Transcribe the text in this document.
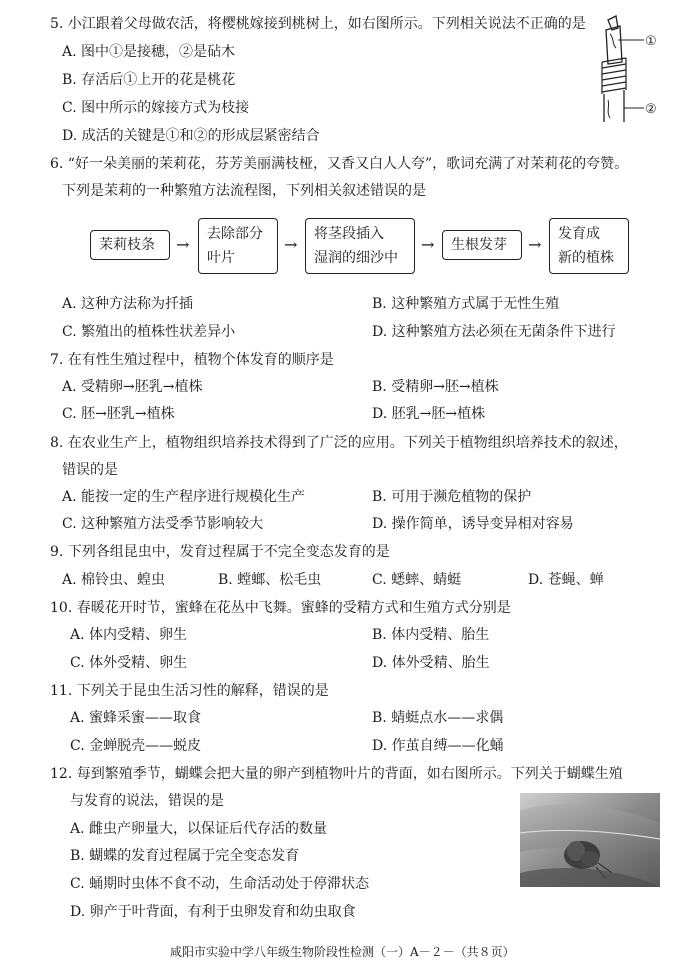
5. 小江跟着父母做农活，将樱桃嫁接到桃树上，如右图所示。下列相关说法不正确的是
A. 图中①是接穗，②是砧木
B. 存活后①上开的花是桃花
C. 图中所示的嫁接方式为枝接
D. 成活的关键是①和②的形成层紧密结合
①
②
6. “好一朵美丽的茉莉花，芬芳美丽满枝桠，又香又白人人夸”，歌词充满了对茉莉花的夸赞。
下列是茉莉的一种繁殖方法流程图，下列相关叙述错误的是
茉莉枝条	→
去除部分
叶片
→
将茎段插入
湿润的细沙中
→	生根发芽	→
发育成
新的植株
A. 这种方法称为扦插	B. 这种繁殖方式属于无性生殖
C. 繁殖出的植株性状差异小	D. 这种繁殖方法必须在无菌条件下进行
7. 在有性生殖过程中，植物个体发育的顺序是
A. 受精卵→胚乳→植株	B. 受精卵→胚→植株
C. 胚→胚乳→植株	D. 胚乳→胚→植株
8. 在农业生产上，植物组织培养技术得到了广泛的应用。下列关于植物组织培养技术的叙述，
错误的是
A. 能按一定的生产程序进行规模化生产	B. 可用于濒危植物的保护
C. 这种繁殖方法受季节影响较大	D. 操作简单，诱导变异相对容易
9. 下列各组昆虫中，发育过程属于不完全变态发育的是
A. 棉铃虫、蝗虫	B. 螳螂、松毛虫	C. 蟋蟀、蜻蜓	D. 苍蝇、蝉
10. 春暖花开时节，蜜蜂在花丛中飞舞。蜜蜂的受精方式和生殖方式分别是
A. 体内受精、卵生	B. 体内受精、胎生
C. 体外受精、卵生	D. 体外受精、胎生
11. 下列关于昆虫生活习性的解释，错误的是
A. 蜜蜂采蜜——取食	B. 蜻蜓点水——求偶
C. 金蝉脱壳——蜕皮	D. 作茧自缚——化蛹
12. 每到繁殖季节，蝴蝶会把大量的卵产到植物叶片的背面，如右图所示。下列关于蝴蝶生殖
与发育的说法，错误的是
A. 雌虫产卵量大，以保证后代存活的数量
B. 蝴蝶的发育过程属于完全变态发育
C. 蛹期时虫体不食不动，生命活动处于停滞状态
D. 卵产于叶背面，有利于虫卵发育和幼虫取食
咸阳市实验中学八年级生物阶段性检测（一）A－２－（共８页）
